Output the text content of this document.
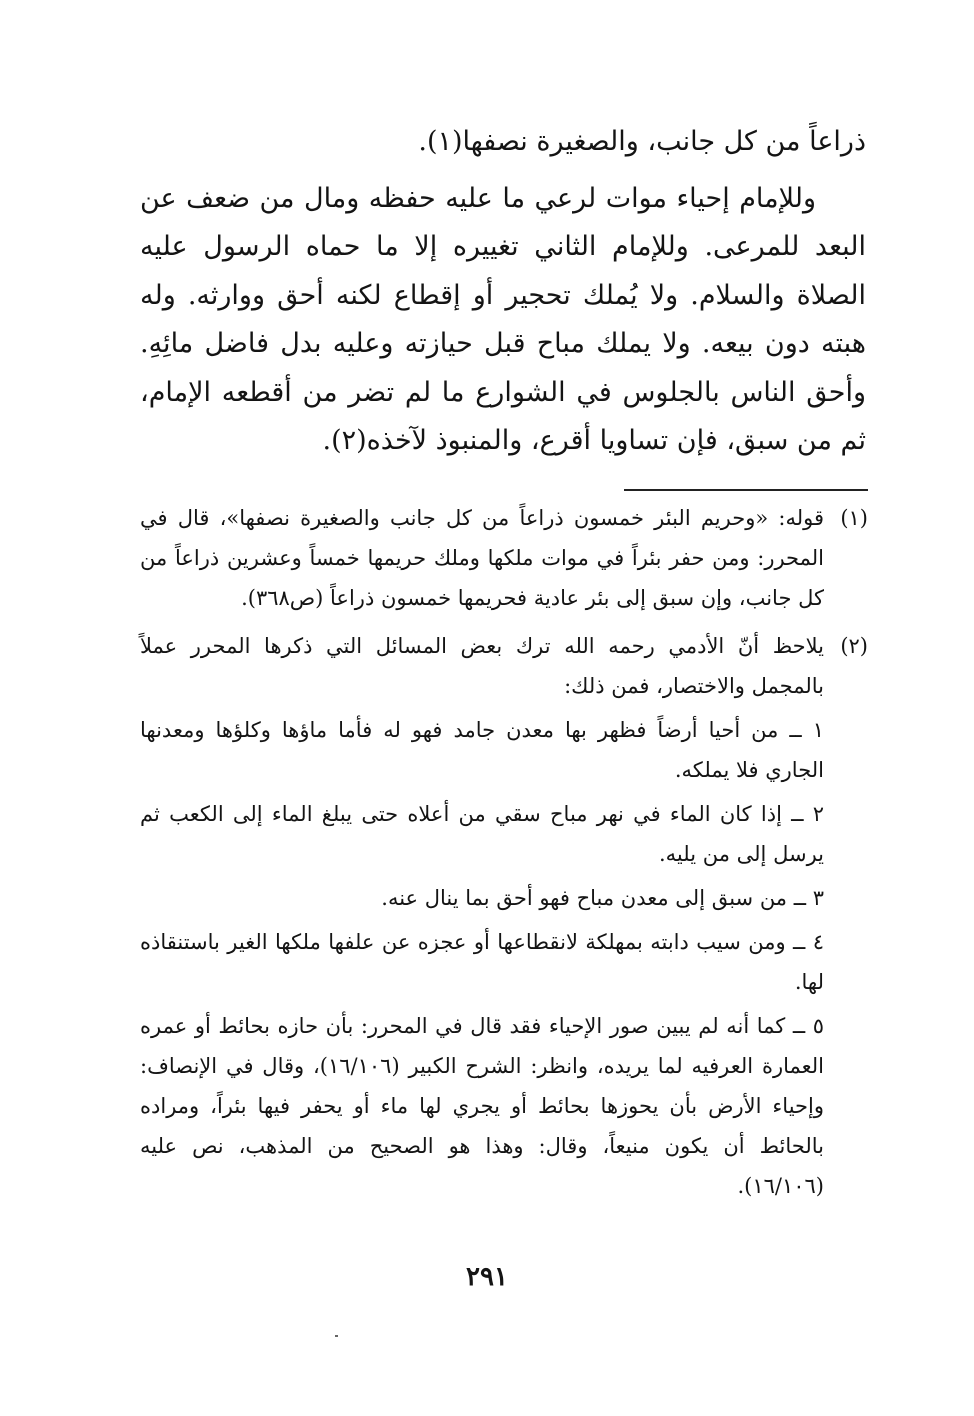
ذراعاً من كل جانب، والصغيرة نصفها(١).

وللإمام إحياء موات لرعي ما عليه حفظه ومال من ضعف عن البعد للمرعى. وللإمام الثاني تغييره إلا ما حماه الرسول عليه الصلاة والسلام. ولا يُملك تحجير أو إقطاع لكنه أحق ووارثه. وله هبته دون بيعه. ولا يملك مباح قبل حيازته وعليه بدل فاضل مائِهِ. وأحق الناس بالجلوس في الشوارع ما لم تضر من أقطعه الإمام، ثم من سبق، فإن تساويا أقرع، والمنبوذ لآخذه(٢).

(١)

قوله: «وحريم البئر خمسون ذراعاً من كل جانب والصغيرة نصفها»، قال في المحرر: ومن حفر بئراً في موات ملكها وملك حريمها خمساً وعشرين ذراعاً من كل جانب، وإن سبق إلى بئر عادية فحريمها خمسون ذراعاً (ص٣٦٨).

(٢)

يلاحظ أنّ الأدمي رحمه الله ترك بعض المسائل التي ذكرها المحرر عملاً بالمجمل والاختصار، فمن ذلك:

١ ــ من أحيا أرضاً فظهر بها معدن جامد فهو له فأما ماؤها وكلؤها ومعدنها الجاري فلا يملكه.

٢ ــ إذا كان الماء في نهر مباح سقي من أعلاه حتى يبلغ الماء إلى الكعب ثم يرسل إلى من يليه.

٣ ــ من سبق إلى معدن مباح فهو أحق بما ينال عنه.

٤ ــ ومن سيب دابته بمهلكة لانقطاعها أو عجزه عن علفها ملكها الغير باستنقاذه لها.

٥ ــ كما أنه لم يبين صور الإحياء فقد قال في المحرر: بأن حازه بحائط أو عمره العمارة العرفيه لما يريده، وانظر: الشرح الكبير (١٦/١٠٦)، وقال في الإنصاف: وإحياء الأرض بأن يحوزها بحائط أو يجري لها ماء أو يحفر فيها بئراً، ومراده بالحائط أن يكون منيعاً، وقال: وهذا هو الصحيح من المذهب، نص عليه (١٦/١٠٦).

٢٩١
